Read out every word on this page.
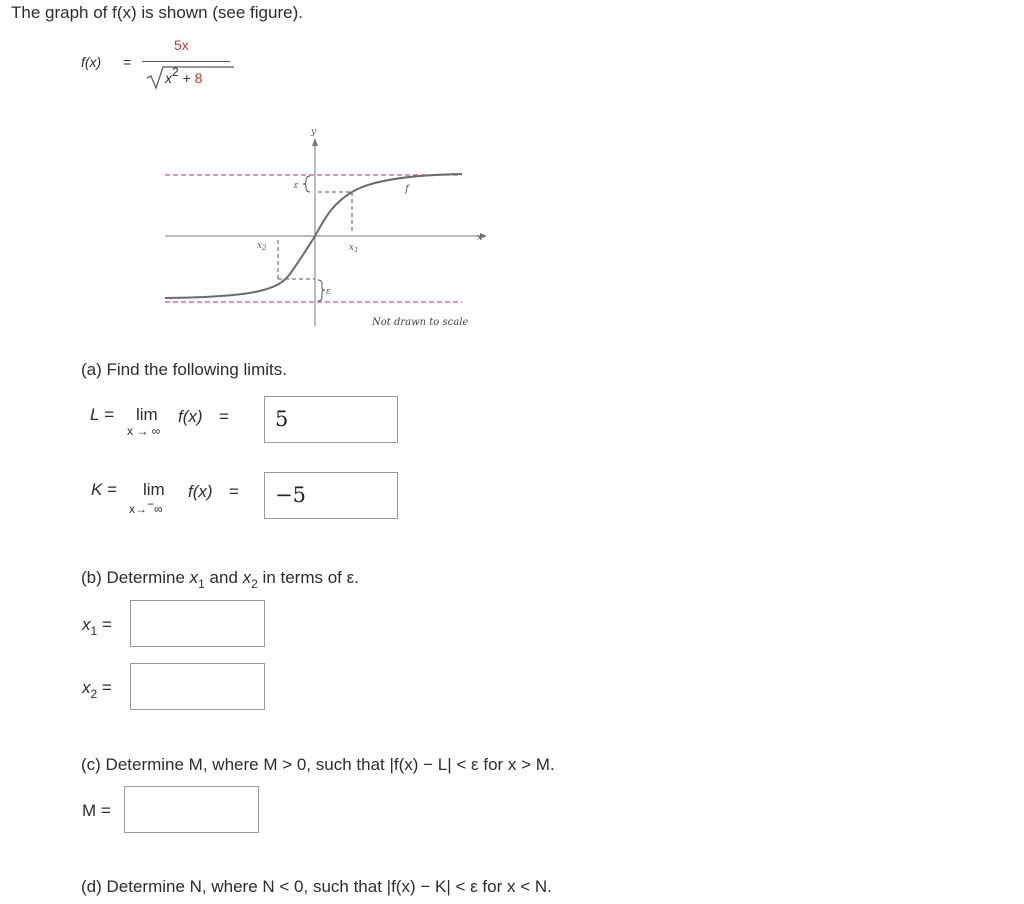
The graph of f(x) is shown (see figure).
f(x) =
5x
x2 + 8
y
x
ε
ε
f
$x_1$
$x_2$
Not drawn to scale
(a) Find the following limits.
L = lim f(x) =
x → ∞	5
K = lim f(x) =
x→−∞
−5
(b) Determine $x_1$ and $x_2$ in terms of ε.
$x_1$ =
$x_2$ =
(c) Determine M, where M > 0, such that |f(x) − L| < ε for x > M.
M =
(d) Determine N, where N < 0, such that |f(x) − K| < ε for x < N.
